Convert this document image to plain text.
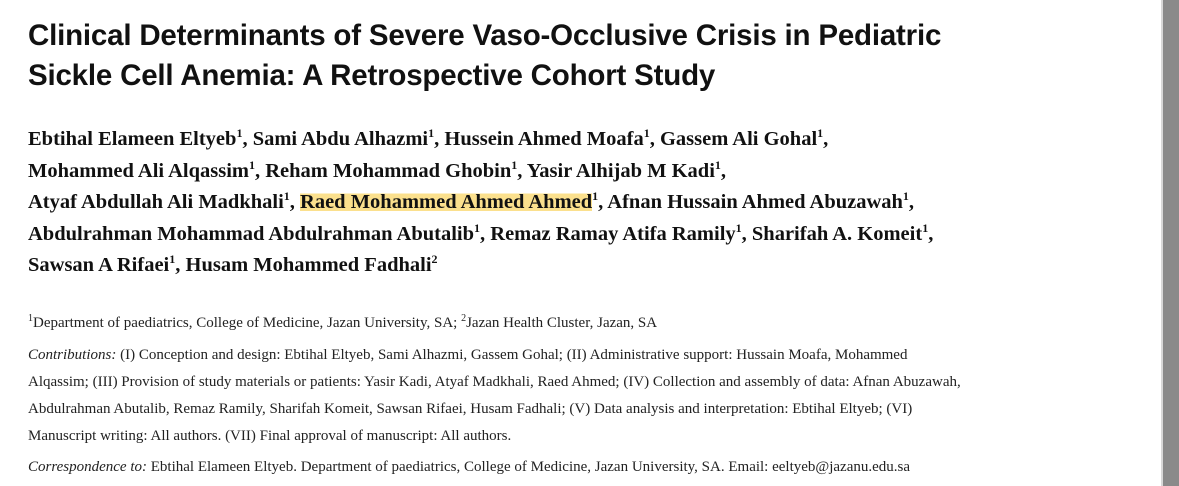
Clinical Determinants of Severe Vaso-Occlusive Crisis in Pediatric
Sickle Cell Anemia: A Retrospective Cohort Study
Ebtihal Elameen Eltyeb$^1$, Sami Abdu Alhazmi$^1$, Hussein Ahmed Moafa$^1$, Gassem Ali Gohal$^1$,
Mohammed Ali Alqassim$^1$, Reham Mohammad Ghobin$^1$, Yasir Alhijab M Kadi$^1$,
Atyaf Abdullah Ali Madkhali$^1$, Raed Mohammed Ahmed Ahmed$^1$, Afnan Hussain Ahmed Abuzawah$^1$,
Abdulrahman Mohammad Abdulrahman Abutalib$^1$, Remaz Ramay Atifa Ramily$^1$, Sharifah A. Komeit$^1$,
Sawsan A Rifaei$^1$, Husam Mohammed Fadhali$^2$
$^1$Department of paediatrics, College of Medicine, Jazan University, SA; $^2$Jazan Health Cluster, Jazan, SA
Contributions: (I) Conception and design: Ebtihal Eltyeb, Sami Alhazmi, Gassem Gohal; (II) Administrative support: Hussain Moafa, Mohammed
Alqassim; (III) Provision of study materials or patients: Yasir Kadi, Atyaf Madkhali, Raed Ahmed; (IV) Collection and assembly of data: Afnan Abuzawah,
Abdulrahman Abutalib, Remaz Ramily, Sharifah Komeit, Sawsan Rifaei, Husam Fadhali; (V) Data analysis and interpretation: Ebtihal Eltyeb; (VI)
Manuscript writing: All authors. (VII) Final approval of manuscript: All authors.
Correspondence to: Ebtihal Elameen Eltyeb. Department of paediatrics, College of Medicine, Jazan University, SA. Email: eeltyeb@jazanu.edu.sa
